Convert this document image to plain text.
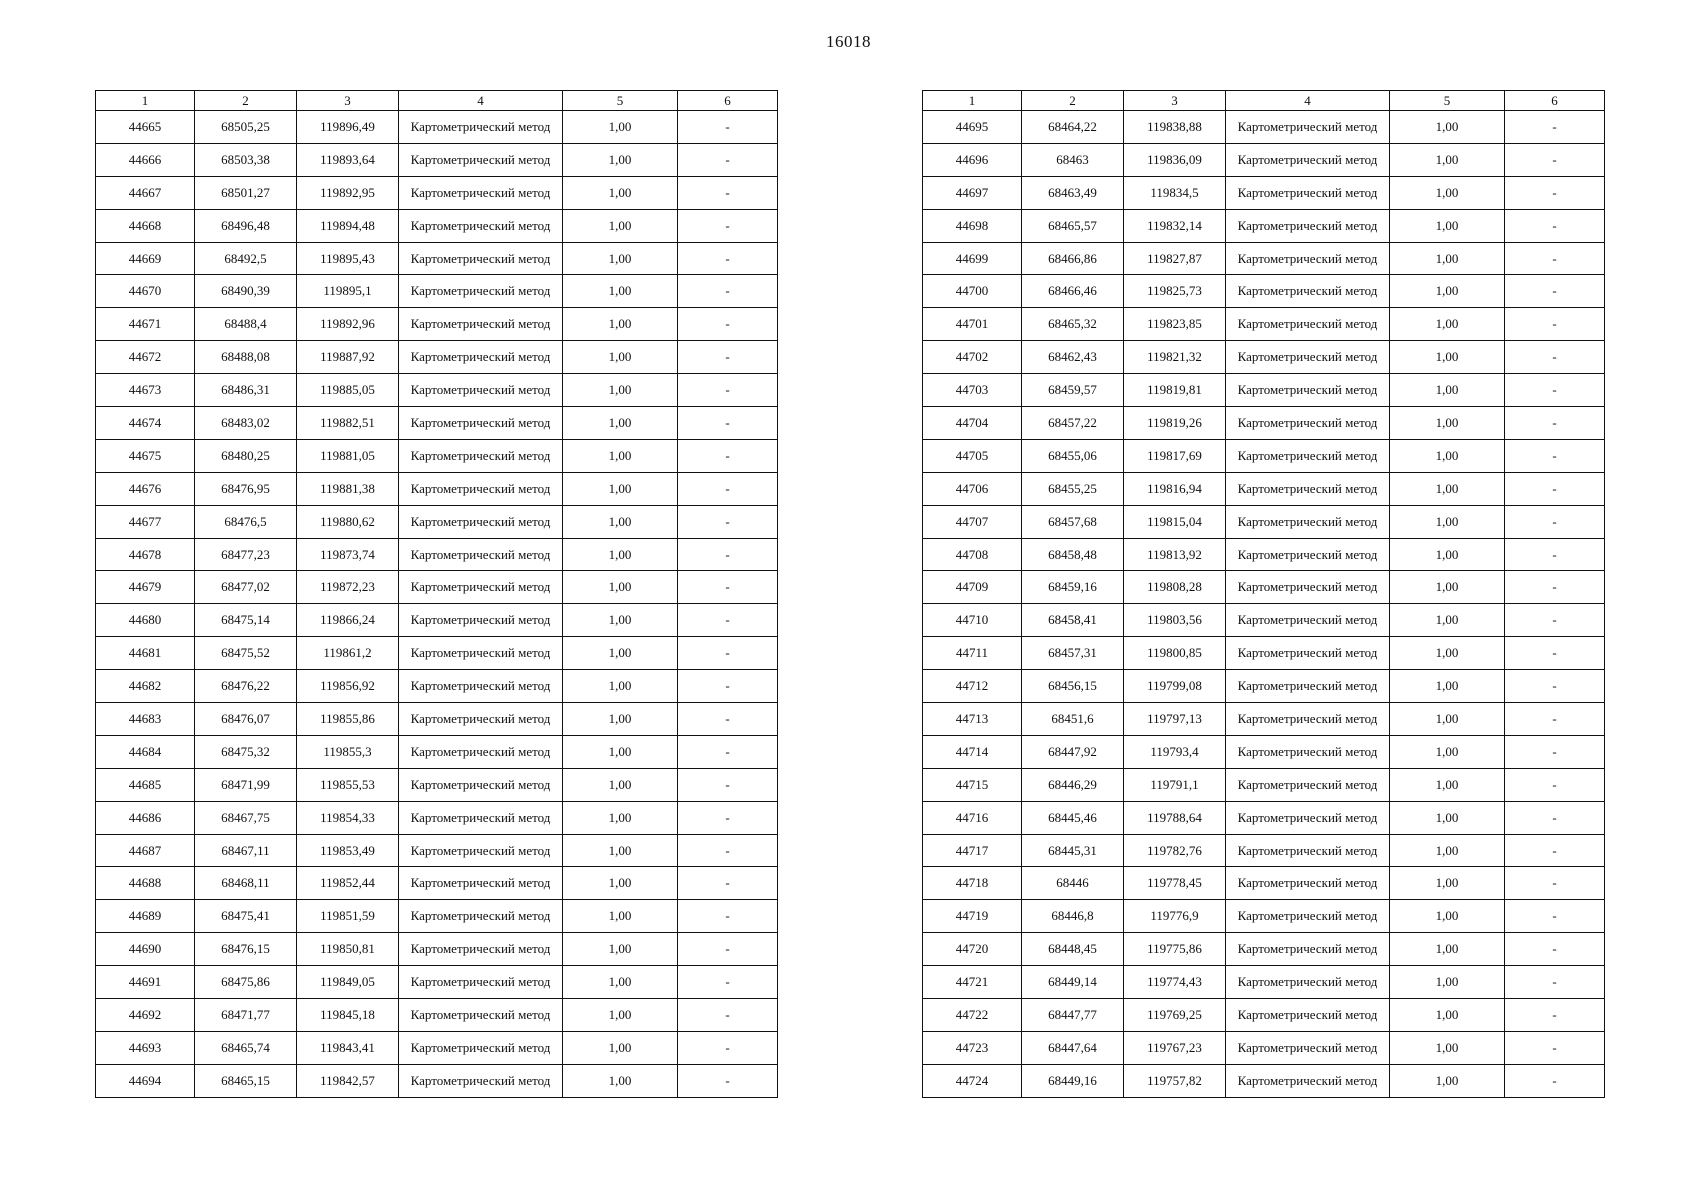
16018
1	2	3	4	5	6
44665	68505,25	119896,49	Картометрический метод	1,00	-
44666	68503,38	119893,64	Картометрический метод	1,00	-
44667	68501,27	119892,95	Картометрический метод	1,00	-
44668	68496,48	119894,48	Картометрический метод	1,00	-
44669	68492,5	119895,43	Картометрический метод	1,00	-
44670	68490,39	119895,1	Картометрический метод	1,00	-
44671	68488,4	119892,96	Картометрический метод	1,00	-
44672	68488,08	119887,92	Картометрический метод	1,00	-
44673	68486,31	119885,05	Картометрический метод	1,00	-
44674	68483,02	119882,51	Картометрический метод	1,00	-
44675	68480,25	119881,05	Картометрический метод	1,00	-
44676	68476,95	119881,38	Картометрический метод	1,00	-
44677	68476,5	119880,62	Картометрический метод	1,00	-
44678	68477,23	119873,74	Картометрический метод	1,00	-
44679	68477,02	119872,23	Картометрический метод	1,00	-
44680	68475,14	119866,24	Картометрический метод	1,00	-
44681	68475,52	119861,2	Картометрический метод	1,00	-
44682	68476,22	119856,92	Картометрический метод	1,00	-
44683	68476,07	119855,86	Картометрический метод	1,00	-
44684	68475,32	119855,3	Картометрический метод	1,00	-
44685	68471,99	119855,53	Картометрический метод	1,00	-
44686	68467,75	119854,33	Картометрический метод	1,00	-
44687	68467,11	119853,49	Картометрический метод	1,00	-
44688	68468,11	119852,44	Картометрический метод	1,00	-
44689	68475,41	119851,59	Картометрический метод	1,00	-
44690	68476,15	119850,81	Картометрический метод	1,00	-
44691	68475,86	119849,05	Картометрический метод	1,00	-
44692	68471,77	119845,18	Картометрический метод	1,00	-
44693	68465,74	119843,41	Картометрический метод	1,00	-
44694	68465,15	119842,57	Картометрический метод	1,00	-
1	2	3	4	5	6
44695	68464,22	119838,88	Картометрический метод	1,00	-
44696	68463	119836,09	Картометрический метод	1,00	-
44697	68463,49	119834,5	Картометрический метод	1,00	-
44698	68465,57	119832,14	Картометрический метод	1,00	-
44699	68466,86	119827,87	Картометрический метод	1,00	-
44700	68466,46	119825,73	Картометрический метод	1,00	-
44701	68465,32	119823,85	Картометрический метод	1,00	-
44702	68462,43	119821,32	Картометрический метод	1,00	-
44703	68459,57	119819,81	Картометрический метод	1,00	-
44704	68457,22	119819,26	Картометрический метод	1,00	-
44705	68455,06	119817,69	Картометрический метод	1,00	-
44706	68455,25	119816,94	Картометрический метод	1,00	-
44707	68457,68	119815,04	Картометрический метод	1,00	-
44708	68458,48	119813,92	Картометрический метод	1,00	-
44709	68459,16	119808,28	Картометрический метод	1,00	-
44710	68458,41	119803,56	Картометрический метод	1,00	-
44711	68457,31	119800,85	Картометрический метод	1,00	-
44712	68456,15	119799,08	Картометрический метод	1,00	-
44713	68451,6	119797,13	Картометрический метод	1,00	-
44714	68447,92	119793,4	Картометрический метод	1,00	-
44715	68446,29	119791,1	Картометрический метод	1,00	-
44716	68445,46	119788,64	Картометрический метод	1,00	-
44717	68445,31	119782,76	Картометрический метод	1,00	-
44718	68446	119778,45	Картометрический метод	1,00	-
44719	68446,8	119776,9	Картометрический метод	1,00	-
44720	68448,45	119775,86	Картометрический метод	1,00	-
44721	68449,14	119774,43	Картометрический метод	1,00	-
44722	68447,77	119769,25	Картометрический метод	1,00	-
44723	68447,64	119767,23	Картометрический метод	1,00	-
44724	68449,16	119757,82	Картометрический метод	1,00	-
